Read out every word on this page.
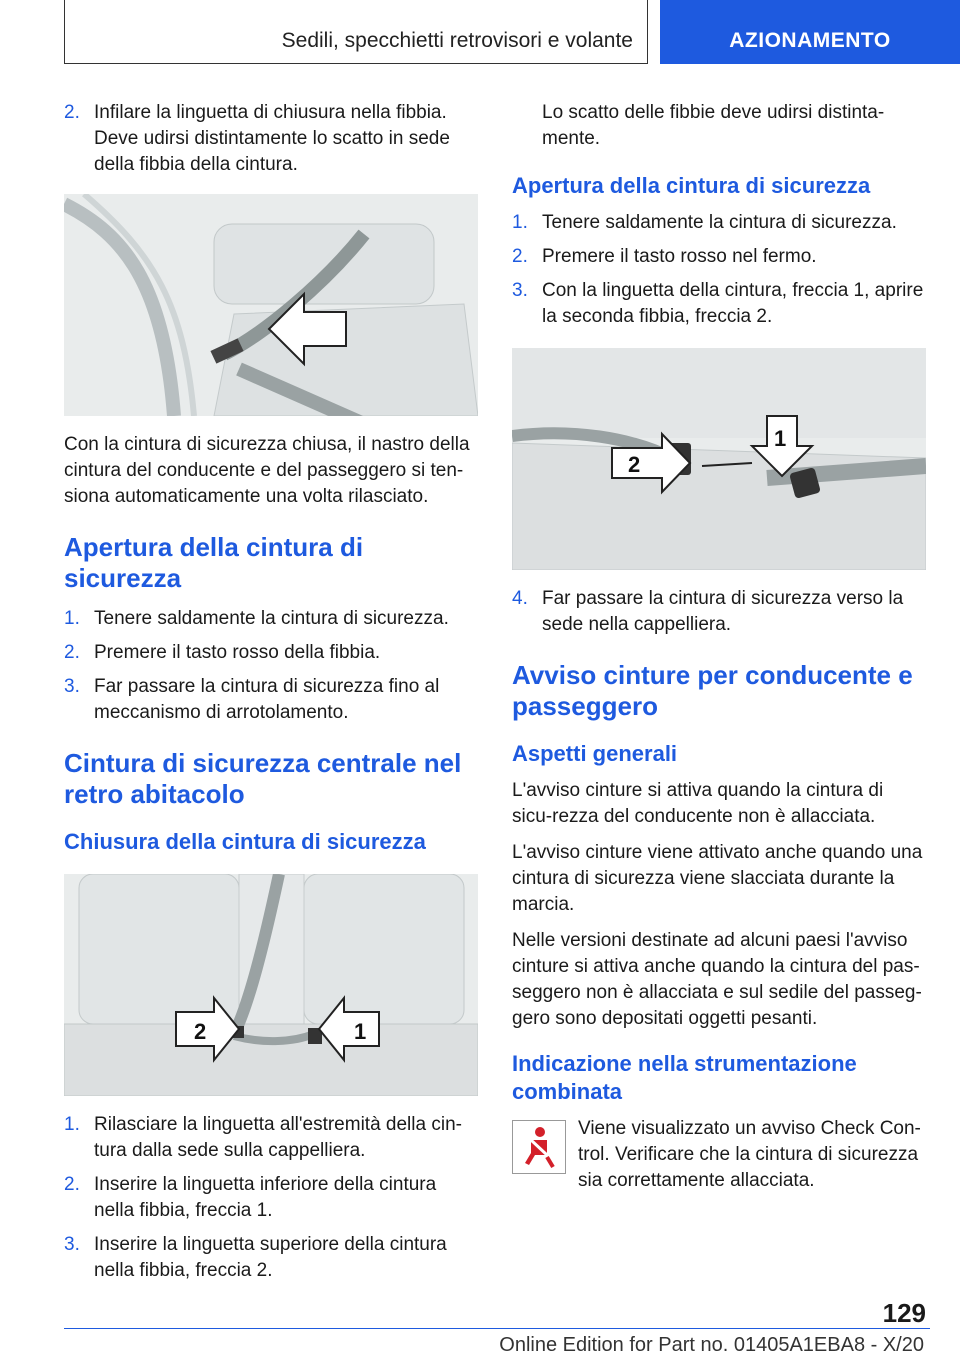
Sedili, specchietti retrovisori e volante	AZIONAMENTO
2. Infilare la linguetta di chiusura nella fibbia. Deve udirsi distintamente lo scatto in sede della fibbia della cintura.

Con la cintura di sicurezza chiusa, il nastro della cintura del conducente e del passeggero si ten-siona automaticamente una volta rilasciato.

Apertura della cintura di sicurezza
1. Tenere saldamente la cintura di sicurezza.
2. Premere il tasto rosso della fibbia.
3. Far passare la cintura di sicurezza fino al meccanismo di arrotolamento.
Cintura di sicurezza centrale nel retro abitacolo
Chiusura della cintura di sicurezza
2	1
1. Rilasciare la linguetta all'estremità della cin-tura dalla sede sulla cappelliera.
2. Inserire la linguetta inferiore della cintura nella fibbia, freccia 1.
3. Inserire la linguetta superiore della cintura nella fibbia, freccia 2.

Lo scatto delle fibbie deve udirsi distinta-mente.

Apertura della cintura di sicurezza
1. Tenere saldamente la cintura di sicurezza.
2. Premere il tasto rosso nel fermo.
3. Con la linguetta della cintura, freccia 1, aprire la seconda fibbia, freccia 2.
2
1
4. Far passare la cintura di sicurezza verso la sede nella cappelliera.
Avviso cinture per conducente e passeggero
Aspetti generali

L'avviso cinture si attiva quando la cintura di sicu-rezza del conducente non è allacciata.

L'avviso cinture viene attivato anche quando una cintura di sicurezza viene slacciata durante la marcia.

Nelle versioni destinate ad alcuni paesi l'avviso cinture si attiva anche quando la cintura del pas-seggero non è allacciata e sul sedile del passeg-gero sono depositati oggetti pesanti.

Indicazione nella strumentazione combinata

Viene visualizzato un avviso Check Con-trol. Verificare che la cintura di sicurezza sia correttamente allacciata.

129
Online Edition for Part no. 01405A1EBA8 - X/20
